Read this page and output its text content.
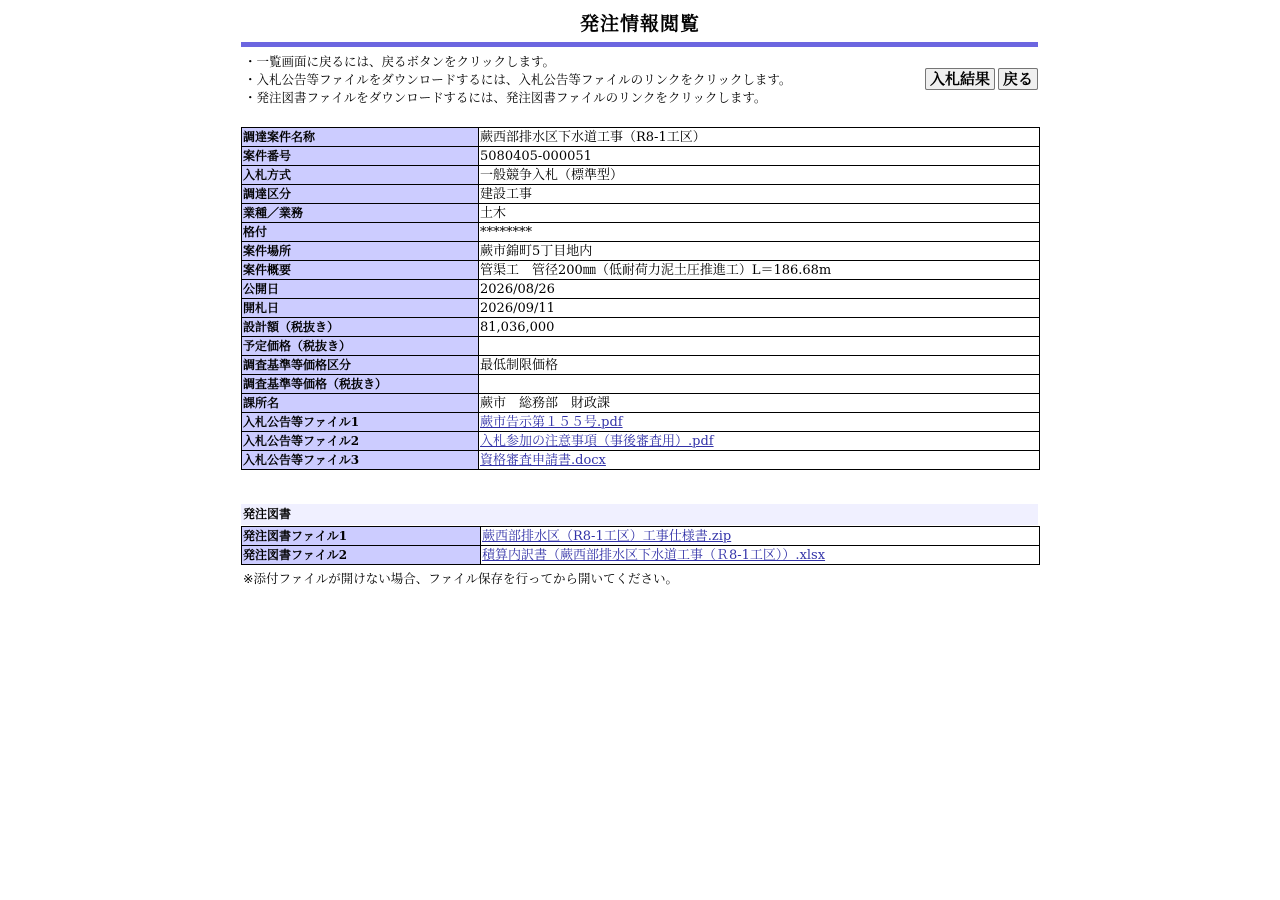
発注情報閲覧
・一覧画面に戻るには、戻るボタンをクリックします。
・入札公告等ファイルをダウンロードするには、入札公告等ファイルのリンクをクリックします。
・発注図書ファイルをダウンロードするには、発注図書ファイルのリンクをクリックします。
入札結果 戻る
調達案件名称	蕨西部排水区下水道工事（R8-1工区）
案件番号	5080405-000051
入札方式	一般競争入札（標準型）
調達区分	建設工事
業種／業務	土木
格付	********
案件場所	蕨市錦町5丁目地内
案件概要	管渠工　管径200㎜（低耐荷力泥土圧推進工）L＝186.68m
公開日	2026/08/26
開札日	2026/09/11
設計額（税抜き）	81,036,000
予定価格（税抜き）	
調査基準等価格区分	最低制限価格
調査基準等価格（税抜き）	
課所名	蕨市　総務部　財政課
入札公告等ファイル1	蕨市告示第１５５号.pdf
入札公告等ファイル2	入札参加の注意事項（事後審査用）.pdf
入札公告等ファイル3	資格審査申請書.docx
発注図書
発注図書ファイル1	蕨西部排水区（R8-1工区）工事仕様書.zip
発注図書ファイル2	積算内訳書（蕨西部排水区下水道工事（Ｒ8-1工区））.xlsx
※添付ファイルが開けない場合、ファイル保存を行ってから開いてください。
